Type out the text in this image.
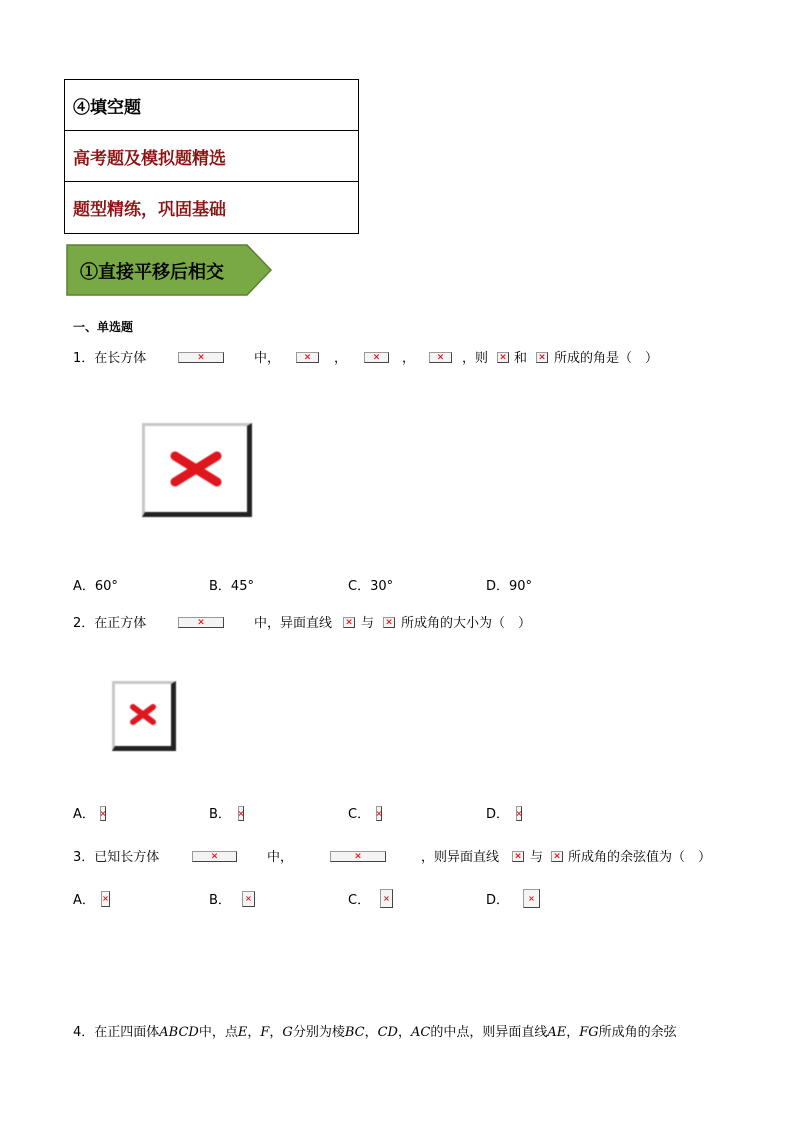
④填空题
高考题及模拟题精选
题型精练，巩固基础
①直接平移后相交
一、单选题
1．在长方体 ×	中， ×	， ×	， ×	，则 × 和 × 所成的角是（　）
A．60°	B．45°	C．30°	D．90°
2．在正方体 ×	中，异面直线 × 与 × 所成角的大小为（　）
A． ×	B． ×	C． ×	D．
×
3．已知长方体 ×	中， ×	，则异面直线 × 与 × 所成角的余弦值为（　）
A． ×	B． ×	C． ×	D．
×
4．在正四面体ABCD中，点E，F，G分别为棱BC，CD，AC的中点，则异面直线AE，FG所成角的余弦
